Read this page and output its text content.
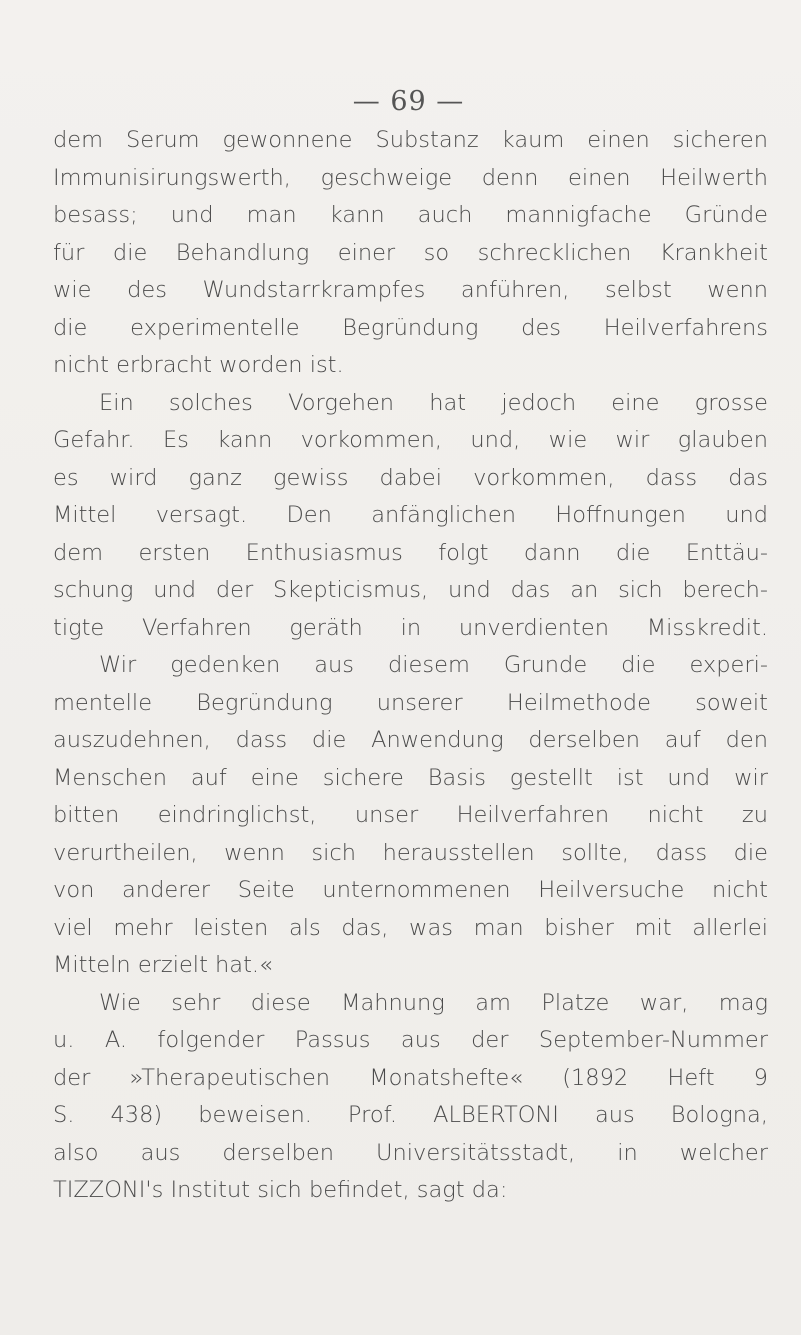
— 69 —
dem Serum gewonnene Substanz kaum einen sicheren
Immunisirungswerth, geschweige denn einen Heilwerth
besass; und man kann auch mannigfache Gründe
für die Behandlung einer so schrecklichen Krankheit
wie des Wundstarrkrampfes anführen, selbst wenn
die experimentelle Begründung des Heilverfahrens
nicht erbracht worden ist.
Ein solches Vorgehen hat jedoch eine grosse
Gefahr. Es kann vorkommen, und, wie wir glauben
es wird ganz gewiss dabei vorkommen, dass das
Mittel versagt. Den anfänglichen Hoffnungen und
dem ersten Enthusiasmus folgt dann die Enttäu-
schung und der Skepticismus, und das an sich berech-
tigte Verfahren geräth in unverdienten Misskredit.
Wir gedenken aus diesem Grunde die experi-
mentelle Begründung unserer Heilmethode soweit
auszudehnen, dass die Anwendung derselben auf den
Menschen auf eine sichere Basis gestellt ist und wir
bitten eindringlichst, unser Heilverfahren nicht zu
verurtheilen, wenn sich herausstellen sollte, dass die
von anderer Seite unternommenen Heilversuche nicht
viel mehr leisten als das, was man bisher mit allerlei
Mitteln erzielt hat.«
Wie sehr diese Mahnung am Platze war, mag
u. A. folgender Passus aus der September-Nummer
der »Therapeutischen Monatshefte« (1892 Heft 9
S. 438) beweisen. Prof. ALBERTONI aus Bologna,
also aus derselben Universitätsstadt, in welcher
TIZZONI's Institut sich befindet, sagt da:
